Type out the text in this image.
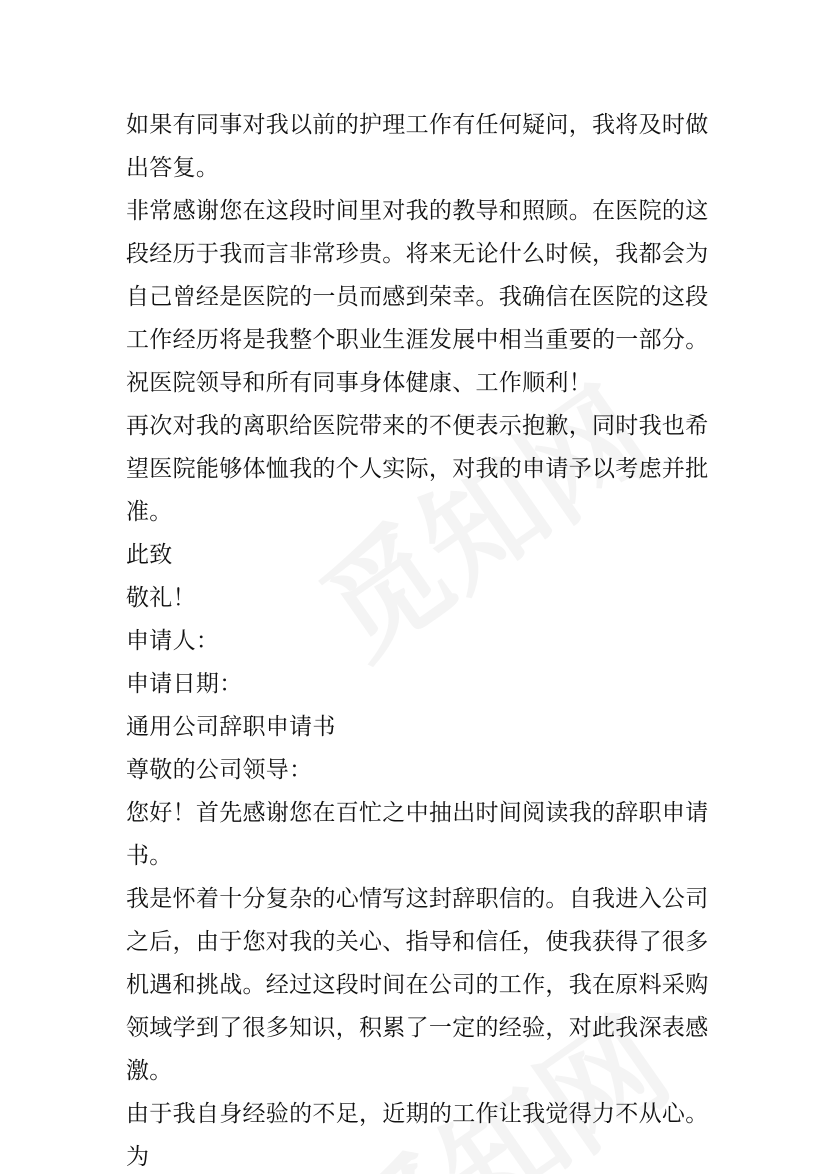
如果有同事对我以前的护理工作有任何疑问，我将及时做出答复。

非常感谢您在这段时间里对我的教导和照顾。在医院的这段经历于我而言非常珍贵。将来无论什么时候，我都会为自己曾经是医院的一员而感到荣幸。我确信在医院的这段工作经历将是我整个职业生涯发展中相当重要的一部分。

祝医院领导和所有同事身体健康、工作顺利！

再次对我的离职给医院带来的不便表示抱歉，同时我也希望医院能够体恤我的个人实际，对我的申请予以考虑并批准。

此致

敬礼！

申请人：

申请日期：

通用公司辞职申请书

尊敬的公司领导：

您好！首先感谢您在百忙之中抽出时间阅读我的辞职申请书。

我是怀着十分复杂的心情写这封辞职信的。自我进入公司之后，由于您对我的关心、指导和信任，使我获得了很多机遇和挑战。经过这段时间在公司的工作，我在原料采购领域学到了很多知识，积累了一定的经验，对此我深表感激。

由于我自身经验的不足，近期的工作让我觉得力不从心。为
